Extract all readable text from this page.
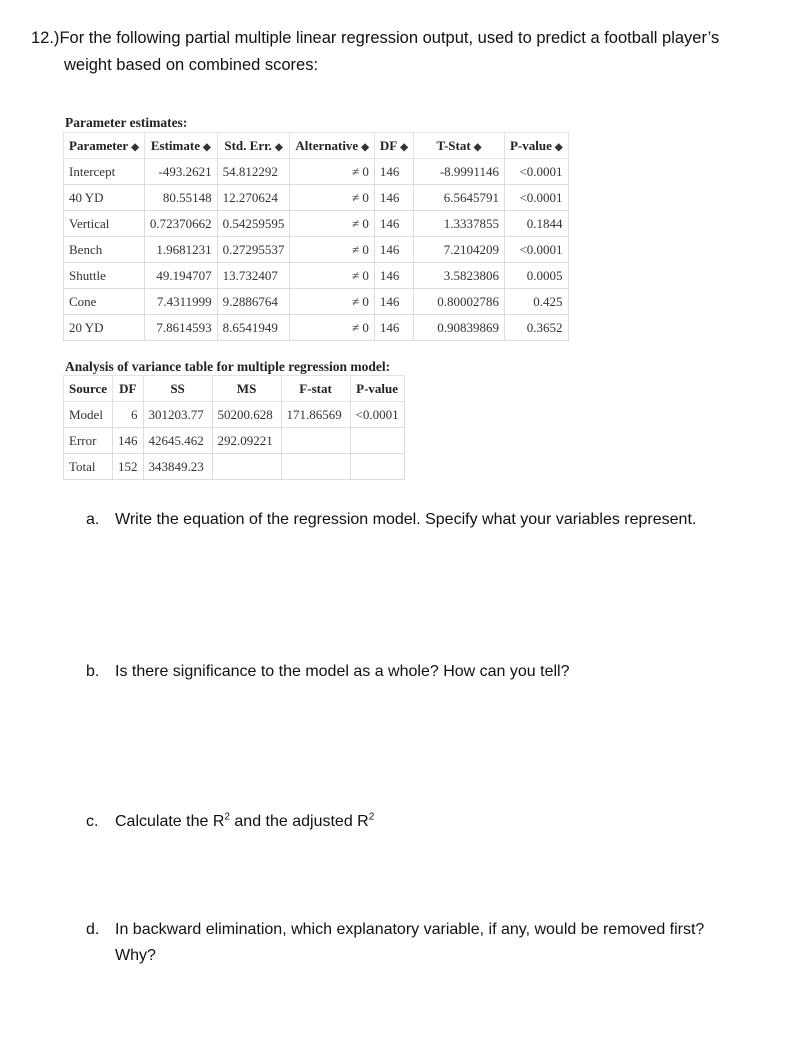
12.)For the following partial multiple linear regression output, used to predict a football player’s
weight based on combined scores:
Parameter estimates:
Parameter ◆	Estimate ◆	Std. Err. ◆	Alternative ◆	DF ◆	T-Stat ◆	P-value ◆
Intercept	-493.2621	54.812292	≠ 0	146	-8.9991146	<0.0001
40 YD	80.55148	12.270624	≠ 0	146	6.5645791	<0.0001
Vertical	0.72370662	0.54259595	≠ 0	146	1.3337855	0.1844
Bench	1.9681231	0.27295537	≠ 0	146	7.2104209	<0.0001
Shuttle	49.194707	13.732407	≠ 0	146	3.5823806	0.0005
Cone	7.4311999	9.2886764	≠ 0	146	0.80002786	0.425
20 YD	7.8614593	8.6541949	≠ 0	146	0.90839869	0.3652
Analysis of variance table for multiple regression model:
Source	DF	SS	MS	F-stat	P-value
Model	6	301203.77	50200.628	171.86569	<0.0001
Error	146	42645.462	292.09221		
Total	152	343849.23			
a. Write the equation of the regression model. Specify what your variables represent.
b. Is there significance to the model as a whole? How can you tell?
c.	Calculate the $R^2$ and the adjusted $R^2$
d. In backward elimination, which explanatory variable, if any, would be removed first? Why?
